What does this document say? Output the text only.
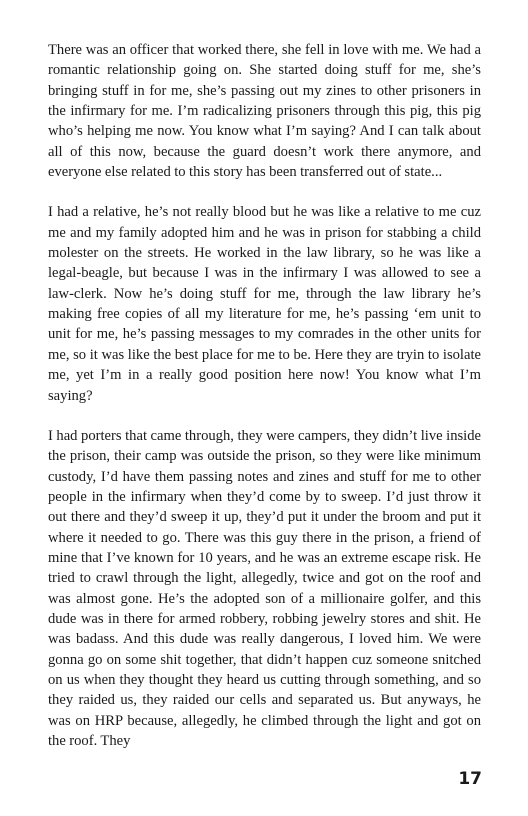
There was an officer that worked there, she fell in love with me. We had a romantic relationship going on. She started doing stuff for me, she’s bringing stuff in for me, she’s passing out my zines to other prisoners in the infirmary for me. I’m radicalizing prisoners through this pig, this pig who’s helping me now. You know what I’m saying? And I can talk about all of this now, because the guard doesn’t work there anymore, and everyone else related to this story has been transferred out of state...

I had a relative, he’s not really blood but he was like a relative to me cuz me and my family adopted him and he was in prison for stabbing a child molester on the streets. He worked in the law library, so he was like a legal-beagle, but because I was in the infirmary I was allowed to see a law-clerk. Now he’s doing stuff for me, through the law library he’s making free copies of all my literature for me, he’s passing ‘em unit to unit for me, he’s passing messages to my comrades in the other units for me, so it was like the best place for me to be. Here they are tryin to isolate me, yet I’m in a really good position here now! You know what I’m saying?

I had porters that came through, they were campers, they didn’t live inside the prison, their camp was outside the prison, so they were like minimum custody, I’d have them passing notes and zines and stuff for me to other people in the infirmary when they’d come by to sweep. I’d just throw it out there and they’d sweep it up, they’d put it under the broom and put it where it needed to go. There was this guy there in the prison, a friend of mine that I’ve known for 10 years, and he was an extreme escape risk. He tried to crawl through the light, allegedly, twice and got on the roof and was almost gone. He’s the adopted son of a millionaire golfer, and this dude was in there for armed robbery, robbing jewelry stores and shit. He was badass. And this dude was really dangerous, I loved him. We were gonna go on some shit together, that didn’t happen cuz someone snitched on us when they thought they heard us cutting through something, and so they raided us, they raided our cells and separated us. But anyways, he was on HRP because, allegedly, he climbed through the light and got on the roof. They

17
